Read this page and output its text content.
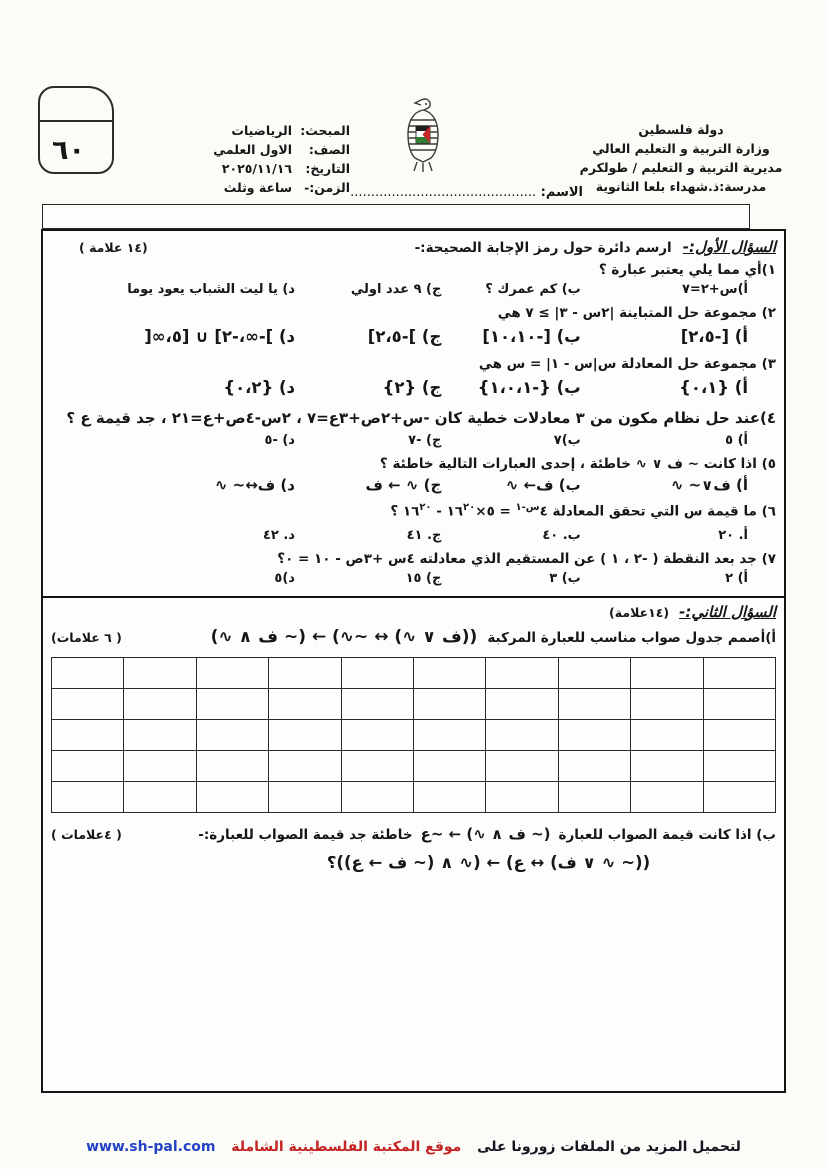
٦٠
دولة فلسطين
وزارة التربية و التعليم العالي
مديرية التربية و التعليم / طولكرم
مدرسة:ذ.شهداء بلعا الثانوية
المبحث:
الرياضيات
الصف:
الاول العلمي
التاريخ:
٢٠٢٥/١١/١٦
الزمن:-
ساعة وثلث	الاسم: .............................................
السؤال الأول:- ارسم دائرة حول رمز الإجابة الصحيحة:-
(١٤ علامة )
١)أي مما يلي يعتبر عبارة ؟
أ)س+٢=٧
ب) كم عمرك ؟
ج) ٩ عدد اولي
د) يا ليت الشباب يعود يوما
٢) مجموعة حل المتباينة |٢س - ٣| ≥ ٧ هي
أ) [-٢،٥]
ب) [-١٠،١٠]
ج) ]-٢،٥]
د) ]-∞،-٢] ∪ [٥،∞[
٣) مجموعة حل المعادلة س|س - ١| = س هي
أ) {٠،١}
ب) {-١،٠،١}
ج) {٢}
د) {٠،٢}
٤)عند حل نظام مكون من ٣ معادلات خطية كان -س+٢ص+٣ع=٧ ، ٢س-٤ص+ع=٢١ ، جد قيمة ع ؟
أ) ٥
ب)٧
ج) -٧
د) -٥
٥) اذا كانت ~ ف ∨ ∿ خاطئة ، إحدى العبارات التالية خاطئة ؟
أ) ف∨~ ∿
ب) ف← ∿
ج) ∿ ← ف
د) ف↔~ ∿
٦) ما قيمة س التي تحقق المعادلة $٤^{س-١}$ = $٥\times ١٦^{٢٠}$ - $١٦^{٢٠}$ ؟
أ. ٢٠
ب. ٤٠
ج. ٤١
د. ٤٢
٧) جد بعد النقطة ( -٢ ، ١ ) عن المستقيم الذي معادلته ٤س +٣ص - ١٠ = ٠؟
أ) ٢
ب) ٣
ج) ١٥
د)٥
السؤال الثاني:-
(١٤علامة)
أ)أصمم جدول صواب مناسب للعبارة المركبة
((ف ∨ ∿) ↔ ~∿) ← (~ ف ∧ ∿)
( ٦ علامات)

ب) اذا كانت قيمة الصواب للعبارة
(~ ف ∧ ∿) ← ~ع
خاطئة جد قيمة الصواب للعبارة:-
( ٤علامات )
((~ ∿ ∨ ف) ↔ ع) ← (∿ ∧ (~ ف ← ع))؟
لتحميل المزيد من الملفات زورونا على  موقع المكتبة الفلسطينية الشاملة  www.sh-pal.com
